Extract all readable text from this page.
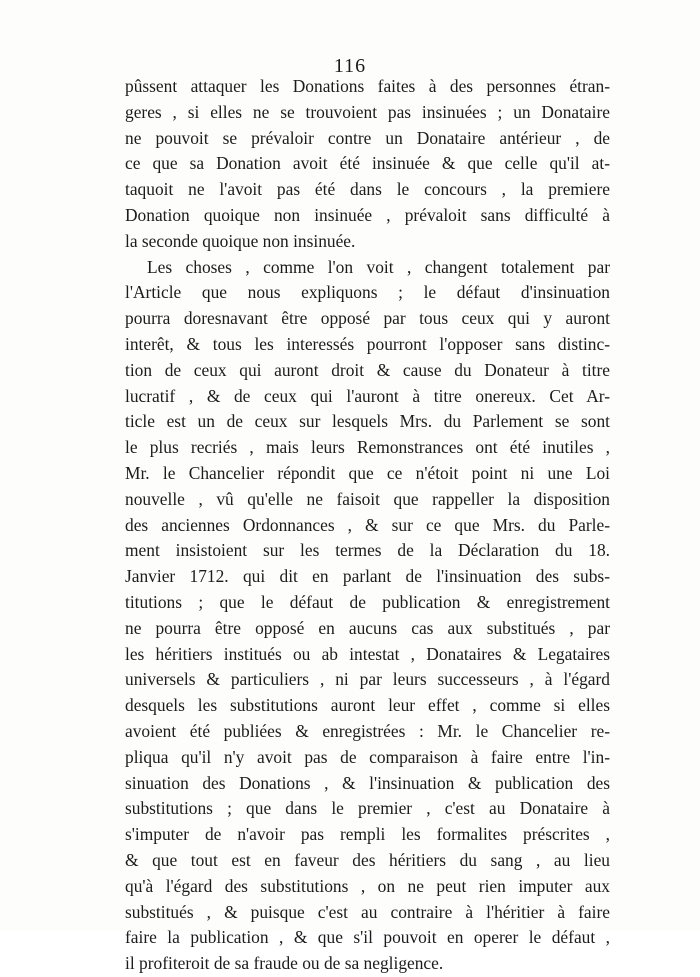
116
pûssent attaquer les Donations faites à des personnes étran-
geres , si elles ne se trouvoient pas insinuées ; un Donataire
ne pouvoit se prévaloir contre un Donataire antérieur , de
ce que sa Donation avoit été insinuée & que celle qu'il at-
taquoit ne l'avoit pas été dans le concours , la premiere
Donation quoique non insinuée , prévaloit sans difficulté à
la seconde quoique non insinuée.
Les choses , comme l'on voit , changent totalement par
l'Article que nous expliquons ; le défaut d'insinuation
pourra doresnavant être opposé par tous ceux qui y auront
interêt, & tous les interessés pourront l'opposer sans distinc-
tion de ceux qui auront droit & cause du Donateur à titre
lucratif , & de ceux qui l'auront à titre onereux. Cet Ar-
ticle est un de ceux sur lesquels Mrs. du Parlement se sont
le plus recriés , mais leurs Remonstrances ont été inutiles ,
Mr. le Chancelier répondit que ce n'étoit point ni une Loi
nouvelle , vû qu'elle ne faisoit que rappeller la disposition
des anciennes Ordonnances , & sur ce que Mrs. du Parle-
ment insistoient sur les termes de la Déclaration du 18.
Janvier 1712. qui dit en parlant de l'insinuation des subs-
titutions ; que le défaut de publication & enregistrement
ne pourra être opposé en aucuns cas aux substitués , par
les héritiers institués ou ab intestat , Donataires & Legataires
universels & particuliers , ni par leurs successeurs , à l'égard
desquels les substitutions auront leur effet , comme si elles
avoient été publiées & enregistrées : Mr. le Chancelier re-
pliqua qu'il n'y avoit pas de comparaison à faire entre l'in-
sinuation des Donations , & l'insinuation & publication des
substitutions ; que dans le premier , c'est au Donataire à
s'imputer de n'avoir pas rempli les formalites préscrites ,
& que tout est en faveur des héritiers du sang , au lieu
qu'à l'égard des substitutions , on ne peut rien imputer aux
substitués , & puisque c'est au contraire à l'héritier à faire
faire la publication , & que s'il pouvoit en operer le défaut ,
il profiteroit de sa fraude ou de sa negligence.
